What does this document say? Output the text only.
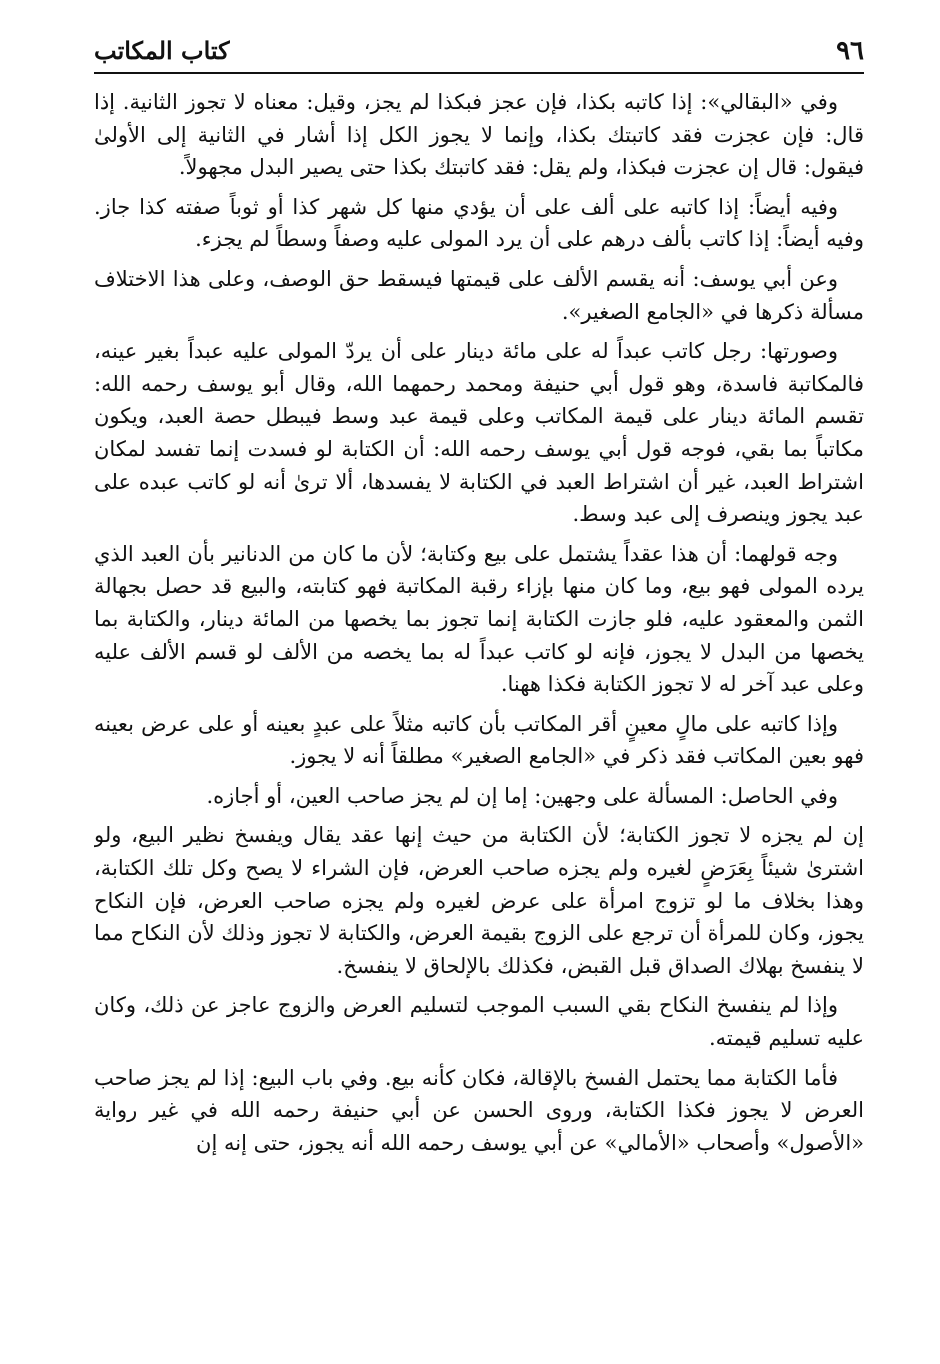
٩٦
كتاب المكاتب

وفي «البقالي»: إذا كاتبه بكذا، فإن عجز فبكذا لم يجز، وقيل: معناه لا تجوز الثانية. إذا قال: فإن عجزت فقد كاتبتك بكذا، وإنما لا يجوز الكل إذا أشار في الثانية إلى الأولىٰ فيقول: قال إن عجزت فبكذا، ولم يقل: فقد كاتبتك بكذا حتى يصير البدل مجهولاً.

وفيه أيضاً: إذا كاتبه على ألف على أن يؤدي منها كل شهر كذا أو ثوباً صفته كذا جاز. وفيه أيضاً: إذا كاتب بألف درهم على أن يرد المولى عليه وصفاً وسطاً لم يجزء.

وعن أبي يوسف: أنه يقسم الألف على قيمتها فيسقط حق الوصف، وعلى هذا الاختلاف مسألة ذكرها في «الجامع الصغير».

وصورتها: رجل كاتب عبداً له على مائة دينار على أن يردّ المولى عليه عبداً بغير عينه، فالمكاتبة فاسدة، وهو قول أبي حنيفة ومحمد رحمهما الله، وقال أبو يوسف رحمه الله: تقسم المائة دينار على قيمة المكاتب وعلى قيمة عبد وسط فيبطل حصة العبد، ويكون مكاتباً بما بقي، فوجه قول أبي يوسف رحمه الله: أن الكتابة لو فسدت إنما تفسد لمكان اشتراط العبد، غير أن اشتراط العبد في الكتابة لا يفسدها، ألا ترىٰ أنه لو كاتب عبده على عبد يجوز وينصرف إلى عبد وسط.

وجه قولهما: أن هذا عقداً يشتمل على بيع وكتابة؛ لأن ما كان من الدنانير بأن العبد الذي يرده المولى فهو بيع، وما كان منها بإزاء رقبة المكاتبة فهو كتابته، والبيع قد حصل بجهالة الثمن والمعقود عليه، فلو جازت الكتابة إنما تجوز بما يخصها من المائة دينار، والكتابة بما يخصها من البدل لا يجوز، فإنه لو كاتب عبداً له بما يخصه من الألف لو قسم الألف عليه وعلى عبد آخر له لا تجوز الكتابة فكذا ههنا.

وإذا كاتبه على مالٍ معينٍ أقر المكاتب بأن كاتبه مثلاً على عبدٍ بعينه أو على عرض بعينه فهو بعين المكاتب فقد ذكر في «الجامع الصغير» مطلقاً أنه لا يجوز.

وفي الحاصل: المسألة على وجهين: إما إن لم يجز صاحب العين، أو أجازه.

إن لم يجزه لا تجوز الكتابة؛ لأن الكتابة من حيث إنها عقد يقال ويفسخ نظير البيع، ولو اشترىٰ شيئاً بِعَرَضٍ لغيره ولم يجزه صاحب العرض، فإن الشراء لا يصح وكل تلك الكتابة، وهذا بخلاف ما لو تزوج امرأة على عرض لغيره ولم يجزه صاحب العرض، فإن النكاح يجوز، وكان للمرأة أن ترجع على الزوج بقيمة العرض، والكتابة لا تجوز وذلك لأن النكاح مما لا ينفسخ بهلاك الصداق قبل القبض، فكذلك بالإلحاق لا ينفسخ.

وإذا لم ينفسخ النكاح بقي السبب الموجب لتسليم العرض والزوج عاجز عن ذلك، وكان عليه تسليم قيمته.

فأما الكتابة مما يحتمل الفسخ بالإقالة، فكان كأنه بيع. وفي باب البيع: إذا لم يجز صاحب العرض لا يجوز فكذا الكتابة، وروى الحسن عن أبي حنيفة رحمه الله في غير رواية «الأصول» وأصحاب «الأمالي» عن أبي يوسف رحمه الله أنه يجوز، حتى إنه إن
